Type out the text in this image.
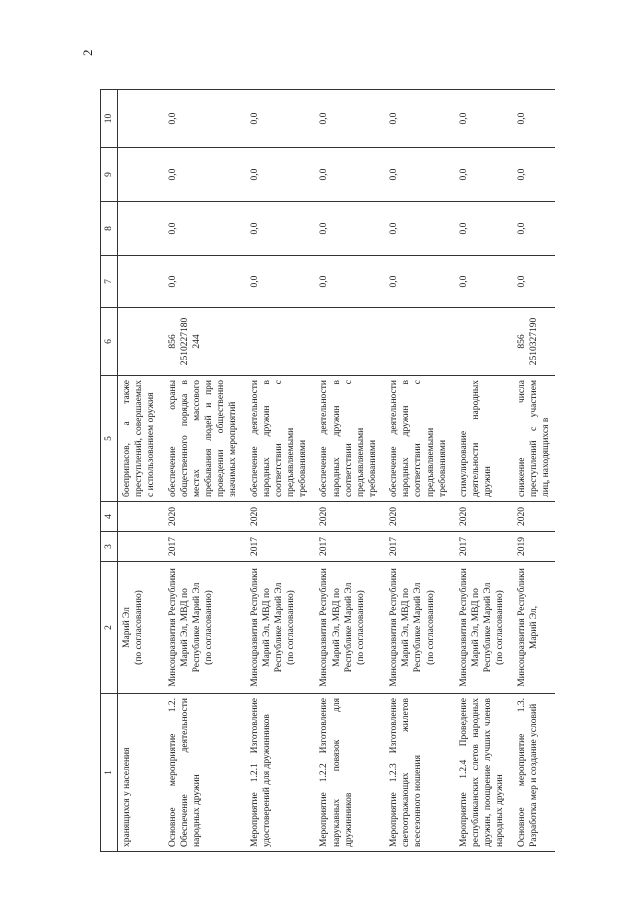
2
1	2	3	4	5	6	7	8	9	10
хранящихся у населения	Марий Эл
(по согласованию)			боеприпасов, а также преступлений, совершаемых с использованием оружия					
Основное мероприятие 1.2. Обеспечение деятельности народных дружин	Минсоцразвития Республики Марий Эл, МВД по Республике Марий Эл
(по согласованию)	2017	2020	обеспечение охраны общественного порядка в местах массового пребывания людей и при проведении общественно значимых мероприятий	856
2510227180
244	0,0	0,0	0,0	0,0
Мероприятие 1.2.1 Изготовление удостоверений для дружинников	Минсоцразвития Республики Марий Эл, МВД по Республике Марий Эл
(по согласованию)	2017	2020	обеспечение деятельности народных дружин в соответствии с предъявляемыми требованиями		0,0	0,0	0,0	0,0
Мероприятие 1.2.2 Изготовление нарукавных повязок для дружинников	Минсоцразвития Республики Марий Эл, МВД по Республике Марий Эл
(по согласованию)	2017	2020	обеспечение деятельности народных дружин в соответствии с предъявляемыми требованиями		0,0	0,0	0,0	0,0
Мероприятие 1.2.3 Изготовление светоотражающих жилетов всесезонного ношения	Минсоцразвития Республики Марий Эл, МВД по Республике Марий Эл
(по согласованию)	2017	2020	обеспечение деятельности народных дружин в соответствии с предъявляемыми требованиями		0,0	0,0	0,0	0,0
Мероприятие 1.2.4 Проведение республиканских слетов народных дружин, поощрение лучших членов народных дружин	Минсоцразвития Республики Марий Эл, МВД по Республике Марий Эл
(по согласованию)	2017	2020	стимулирование деятельности народных дружин		0,0	0,0	0,0	0,0
Основное мероприятие 1.3. Разработка мер и создание условий	Минсоцразвития Республики Марий Эл,	2019	2020	снижение числа преступлений с участием лиц, находящихся в	856
2510327190	0,0	0,0	0,0	0,0
